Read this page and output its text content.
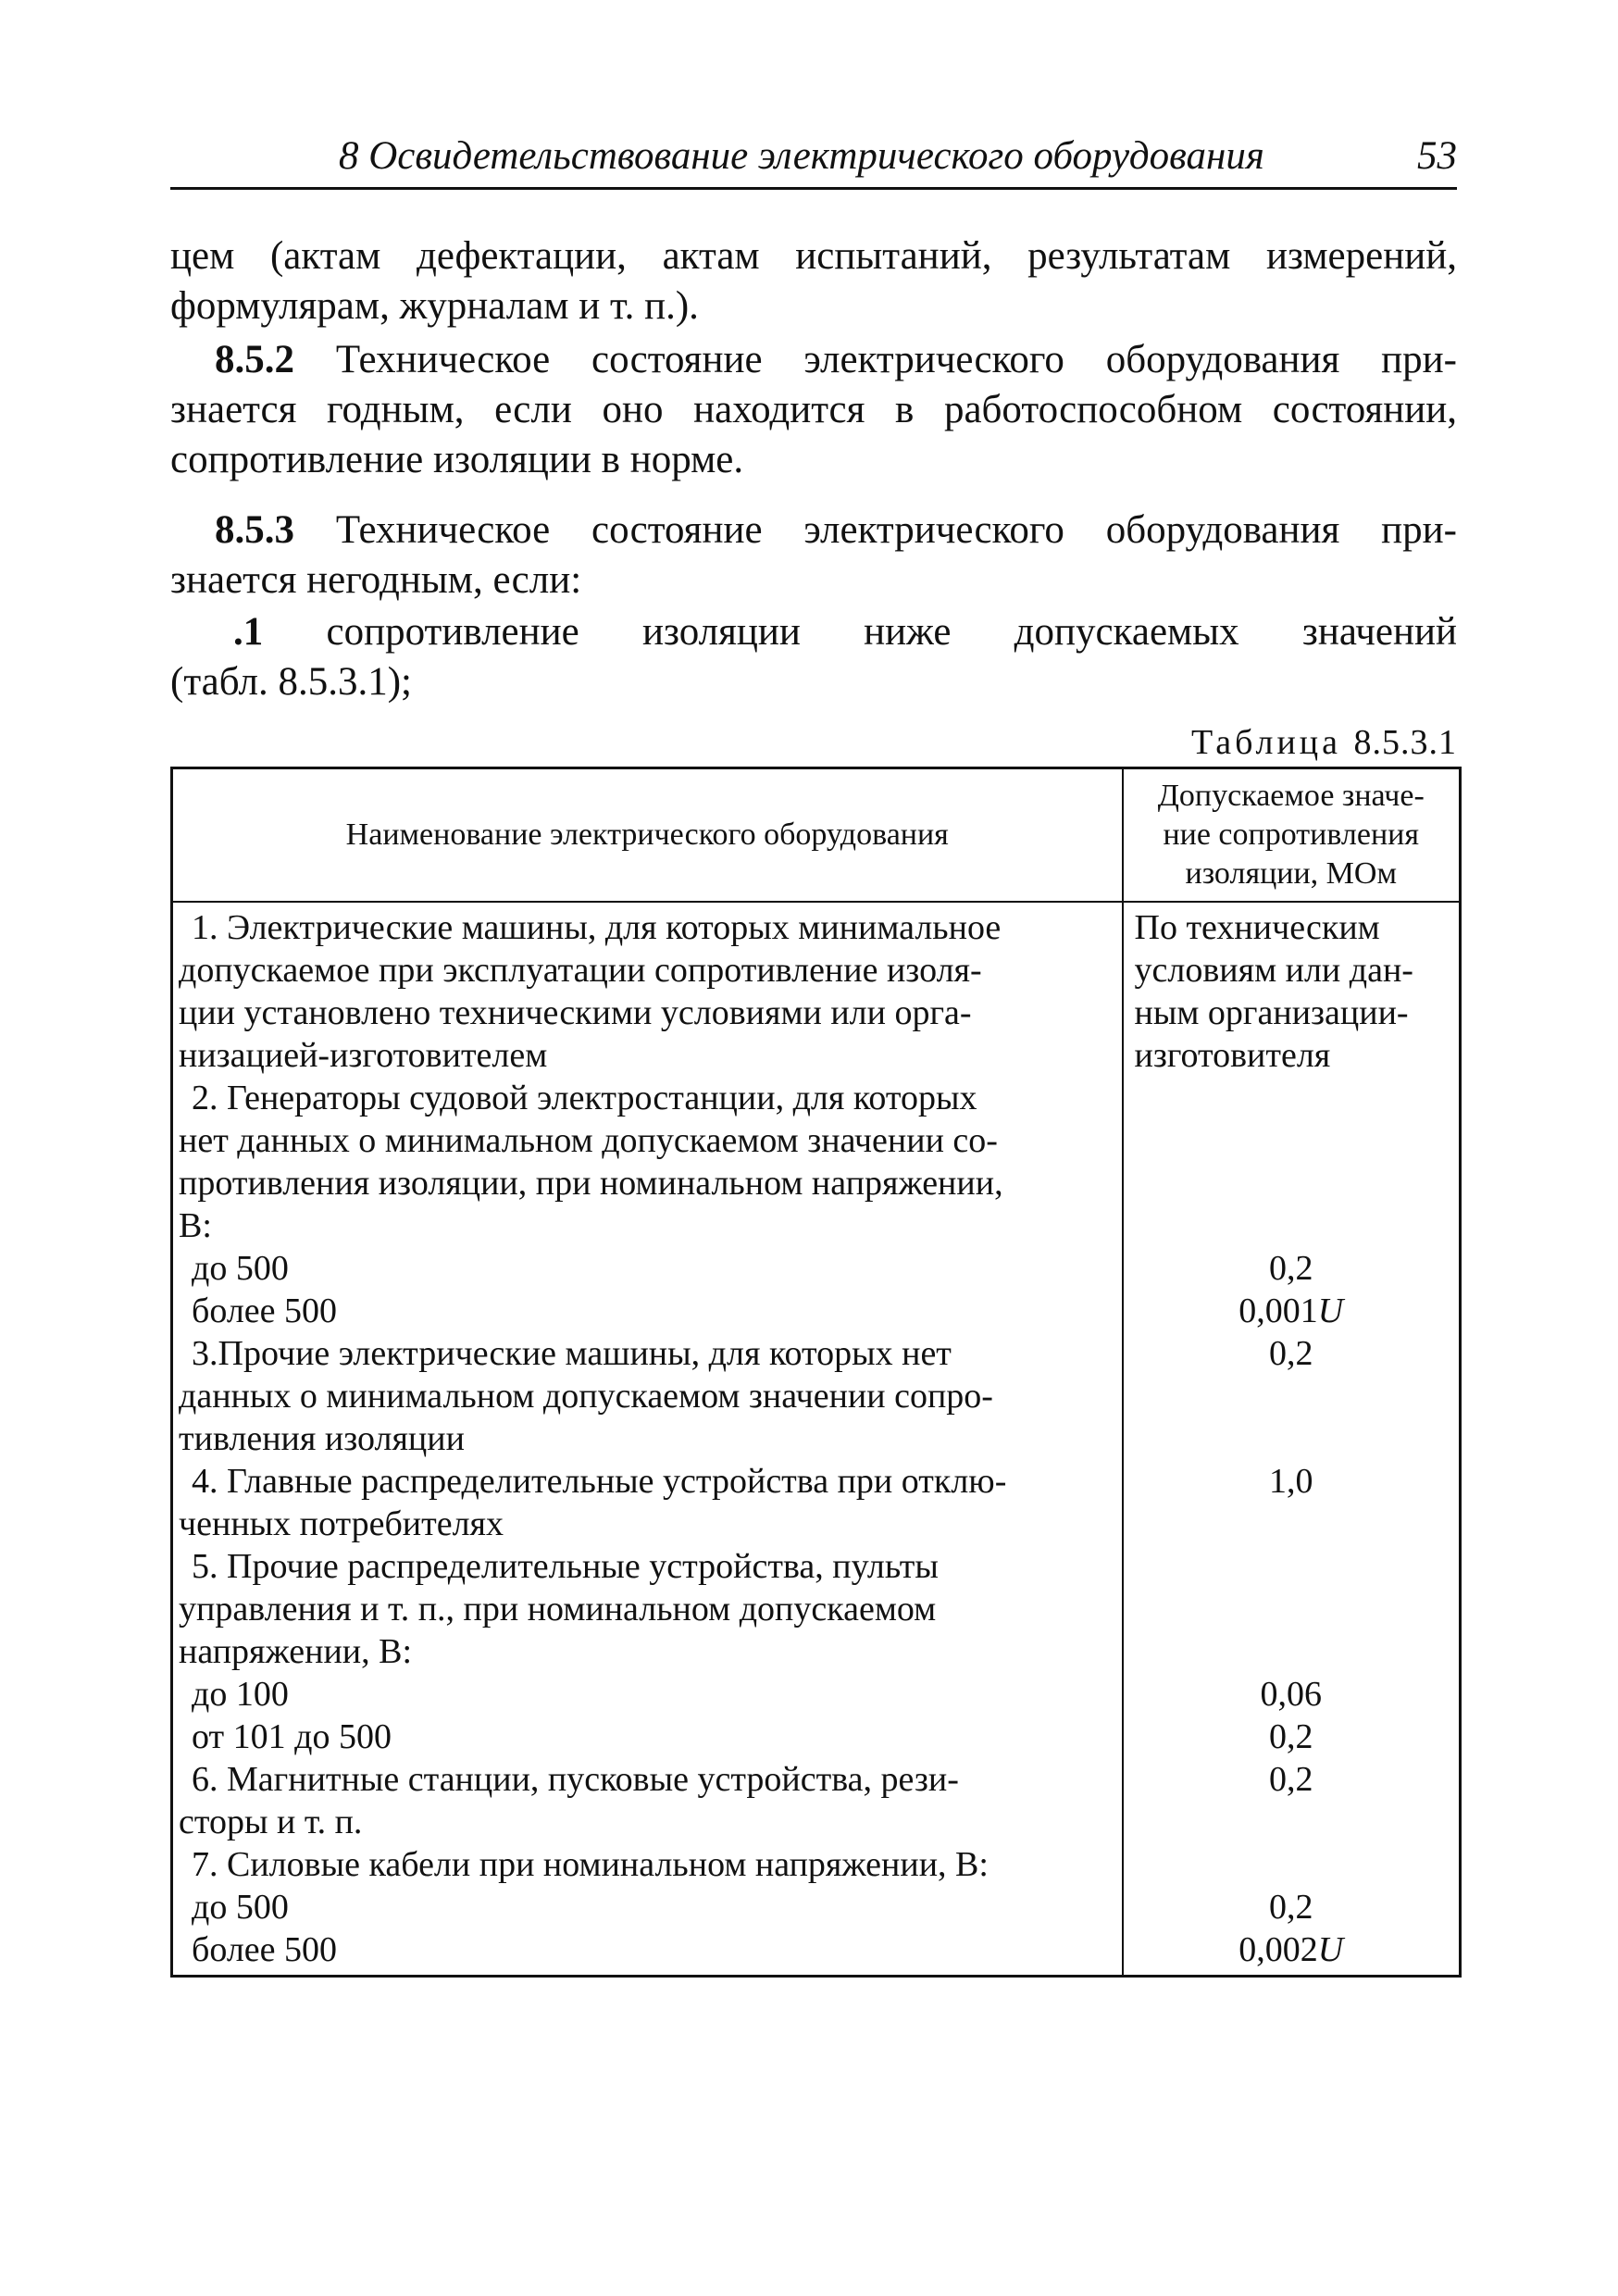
8 Освидетельствование электрического оборудования	53

цем (актам дефектации, актам испытаний, результатам измерений,
формулярам, журналам и т. п.).

8.5.2 Техническое состояние электрического оборудования при-
знается годным, если оно находится в работоспособном состоянии,
сопротивление изоляции в норме.

8.5.3 Техническое состояние электрического оборудования при-
знается негодным, если:

.1 сопротивление изоляции ниже допускаемых значений
(табл. 8.5.3.1);

Таблица 8.5.3.1
Наименование электрического оборудования	Допускаемое значе-
ние сопротивления
изоляции, МОм
1. Электрические машины, для которых минимальное
допускаемое при эксплуатации сопротивление изоля-
ции установлено техническими условиями или орга-
низацией-изготовителем	По техническим
условиям или дан-
ным организации-
изготовителя
2. Генераторы судовой электростанции, для которых
нет данных о минимальном допускаемом значении со-
противления изоляции, при номинальном напряжении,
В:	
до 500	0,2
более 500	0,001U
3.Прочие электрические машины, для которых нет
данных о минимальном допускаемом значении сопро-
тивления изоляции	0,2
4. Главные распределительные устройства при отклю-
ченных потребителях	1,0
5. Прочие распределительные устройства, пульты
управления и т. п., при номинальном допускаемом
напряжении, В:	
до 100	0,06
от 101 до 500	0,2
6. Магнитные станции, пусковые устройства, рези-
сторы и т. п.	0,2
7. Силовые кабели при номинальном напряжении, В:	
до 500	0,2
более 500	0,002U
